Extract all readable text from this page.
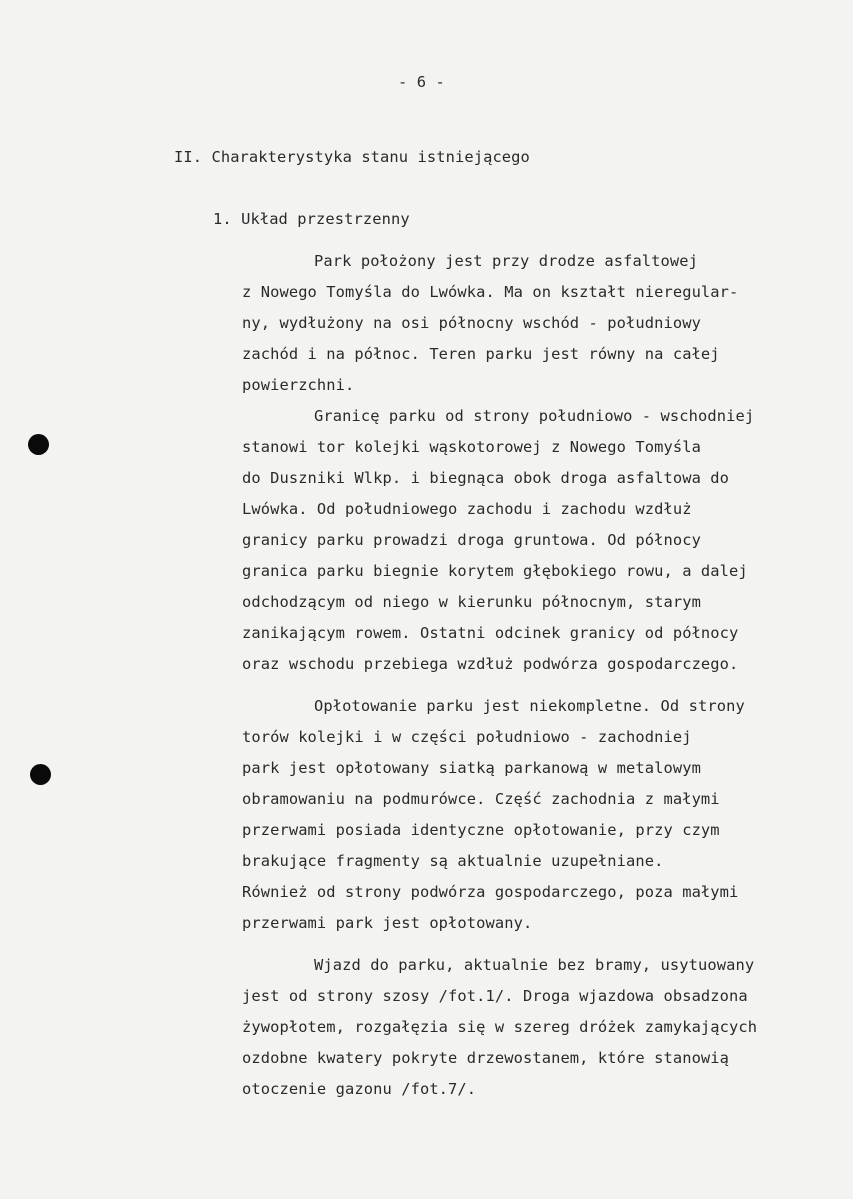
- 6 -
II. Charakterystyka stanu istniejącego
1. Układ przestrzenny
Park położony jest przy drodze asfaltowej
z Nowego Tomyśla do Lwówka. Ma on kształt nieregular-
ny, wydłużony na osi północny wschód - południowy
zachód i na północ. Teren parku jest równy na całej
powierzchni.
Granicę parku od strony południowo - wschodniej
stanowi tor kolejki wąskotorowej z Nowego Tomyśla
do Duszniki Wlkp. i biegnąca obok droga asfaltowa do
Lwówka. Od południowego zachodu i zachodu wzdłuż
granicy parku prowadzi droga gruntowa. Od północy
granica parku biegnie korytem głębokiego rowu, a dalej
odchodzącym od niego w kierunku północnym, starym
zanikającym rowem. Ostatni odcinek granicy od północy
oraz wschodu przebiega wzdłuż podwórza gospodarczego.
Opłotowanie parku jest niekompletne. Od strony
torów kolejki i w części południowo - zachodniej
park jest opłotowany siatką parkanową w metalowym
obramowaniu na podmurówce. Część zachodnia z małymi
przerwami posiada identyczne opłotowanie, przy czym
brakujące fragmenty są aktualnie uzupełniane.
Również od strony podwórza gospodarczego, poza małymi
przerwami park jest opłotowany.
Wjazd do parku, aktualnie bez bramy, usytuowany
jest od strony szosy /fot.1/. Droga wjazdowa obsadzona
żywopłotem, rozgałęzia się w szereg dróżek zamykających
ozdobne kwatery pokryte drzewostanem, które stanowią
otoczenie gazonu /fot.7/.
